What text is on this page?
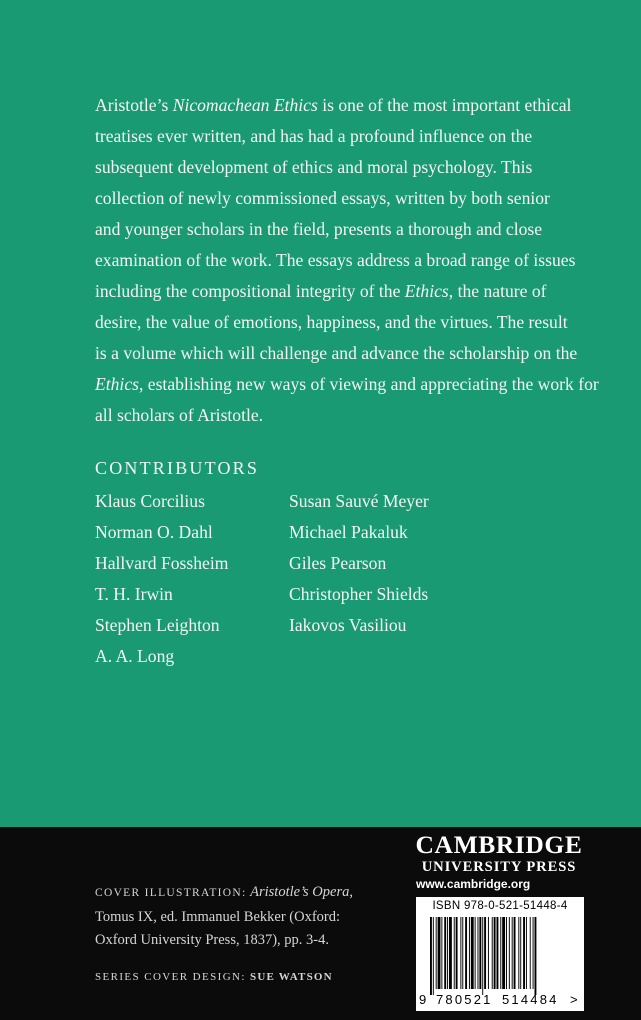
Aristotle’s Nicomachean Ethics is one of the most important ethical

treatises ever written, and has had a profound influence on the

subsequent development of ethics and moral psychology. This

collection of newly commissioned essays, written by both senior

and younger scholars in the field, presents a thorough and close

examination of the work. The essays address a broad range of issues

including the compositional integrity of the Ethics, the nature of

desire, the value of emotions, happiness, and the virtues. The result

is a volume which will challenge and advance the scholarship on the

Ethics, establishing new ways of viewing and appreciating the work for

all scholars of Aristotle.

CONTRIBUTORS
Klaus Corcilius
Norman O. Dahl
Hallvard Fossheim
T. H. Irwin
Stephen Leighton
A. A. Long
Susan Sauvé Meyer
Michael Pakaluk
Giles Pearson
Christopher Shields
Iakovos Vasiliou
COVER ILLUSTRATION: Aristotle’s Opera,
Tomus IX, ed. Immanuel Bekker (Oxford:
Oxford University Press, 1837), pp. 3-4.
SERIES COVER DESIGN: SUE WATSON
CAMBRIDGE
UNIVERSITY PRESS
www.cambridge.org
ISBN 978-0-521-51448-4
9 780521 514484 >
